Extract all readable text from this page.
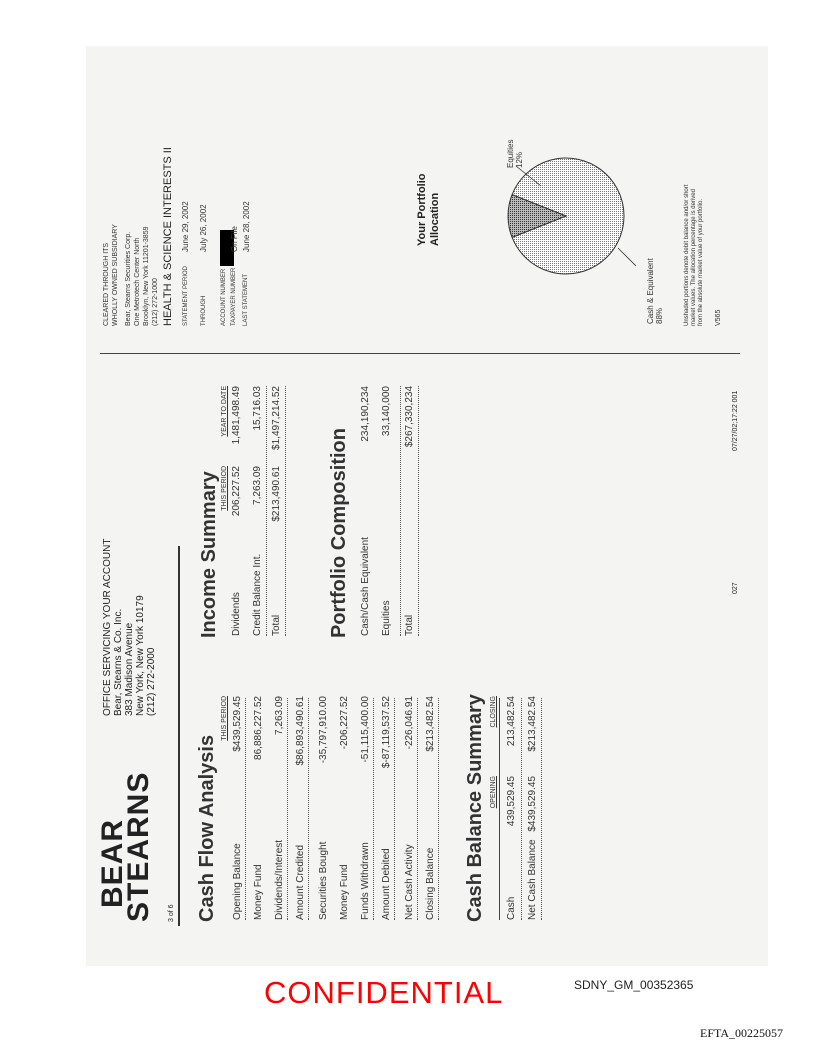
BEAR
STEARNS 3 of 6
OFFICE SERVICING YOUR ACCOUNT Bear, Stearns & Co. Inc. 383 Madison Avenue New York, New York 10179 (212) 272-2000
Cash Flow Analysis
THIS PERIOD
Opening Balance
$439,529.45
Money Fund
86,886,227.52
Dividends/Interest
7,263.09
Amount Credited
$86,893,490.61
Securities Bought
-35,797,910.00
Money Fund
-206,227.52
Funds Withdrawn
-51,115,400.00
Amount Debited
$-87,119,537.52
Net Cash Activity
-226,046.91
Closing Balance
$213,482.54 Cash Balance Summary OPENING
CLOSING
Cash
439,529.45
213,482.54
Net Cash Balance
$439,529.45
$213,482.54
Income Summary THIS PERIOD
YEAR TO DATE
Dividends
206,227.52
1,481,498.49
Credit Balance Int.
7,263.09
15,716.03
Total
$213,490.61
$1,497,214.52
Portfolio Composition Cash/Cash Equivalent
234,190,234
Equities
33,140,000
Total
$267,330,234
027
07/27/02;17:22 001
CLEARED THROUGH ITS WHOLLY OWNED SUBSIDIARY Bear, Stearns Securities Corp. One Metrotech Center North Brooklyn, New York 11201-3859 (212) 272-1000 HEALTH & SCIENCE INTERESTS II STATEMENT PERIOD
June 29, 2002
THROUGH
July 26, 2002
ACCOUNT NUMBER TAXPAYER NUMBER
On File
LAST STATEMENT
June 28, 2002	Your Portfolio Allocation
Cash & Equivalent 88%
Equities 12%
Unshaded portions denote debit balance and/or short market values. The allocation percentage is derived from the absolute market value of your portfolio. V565
CONFIDENTIAL	SDNY_GM_00352365
EFTA_00225057
